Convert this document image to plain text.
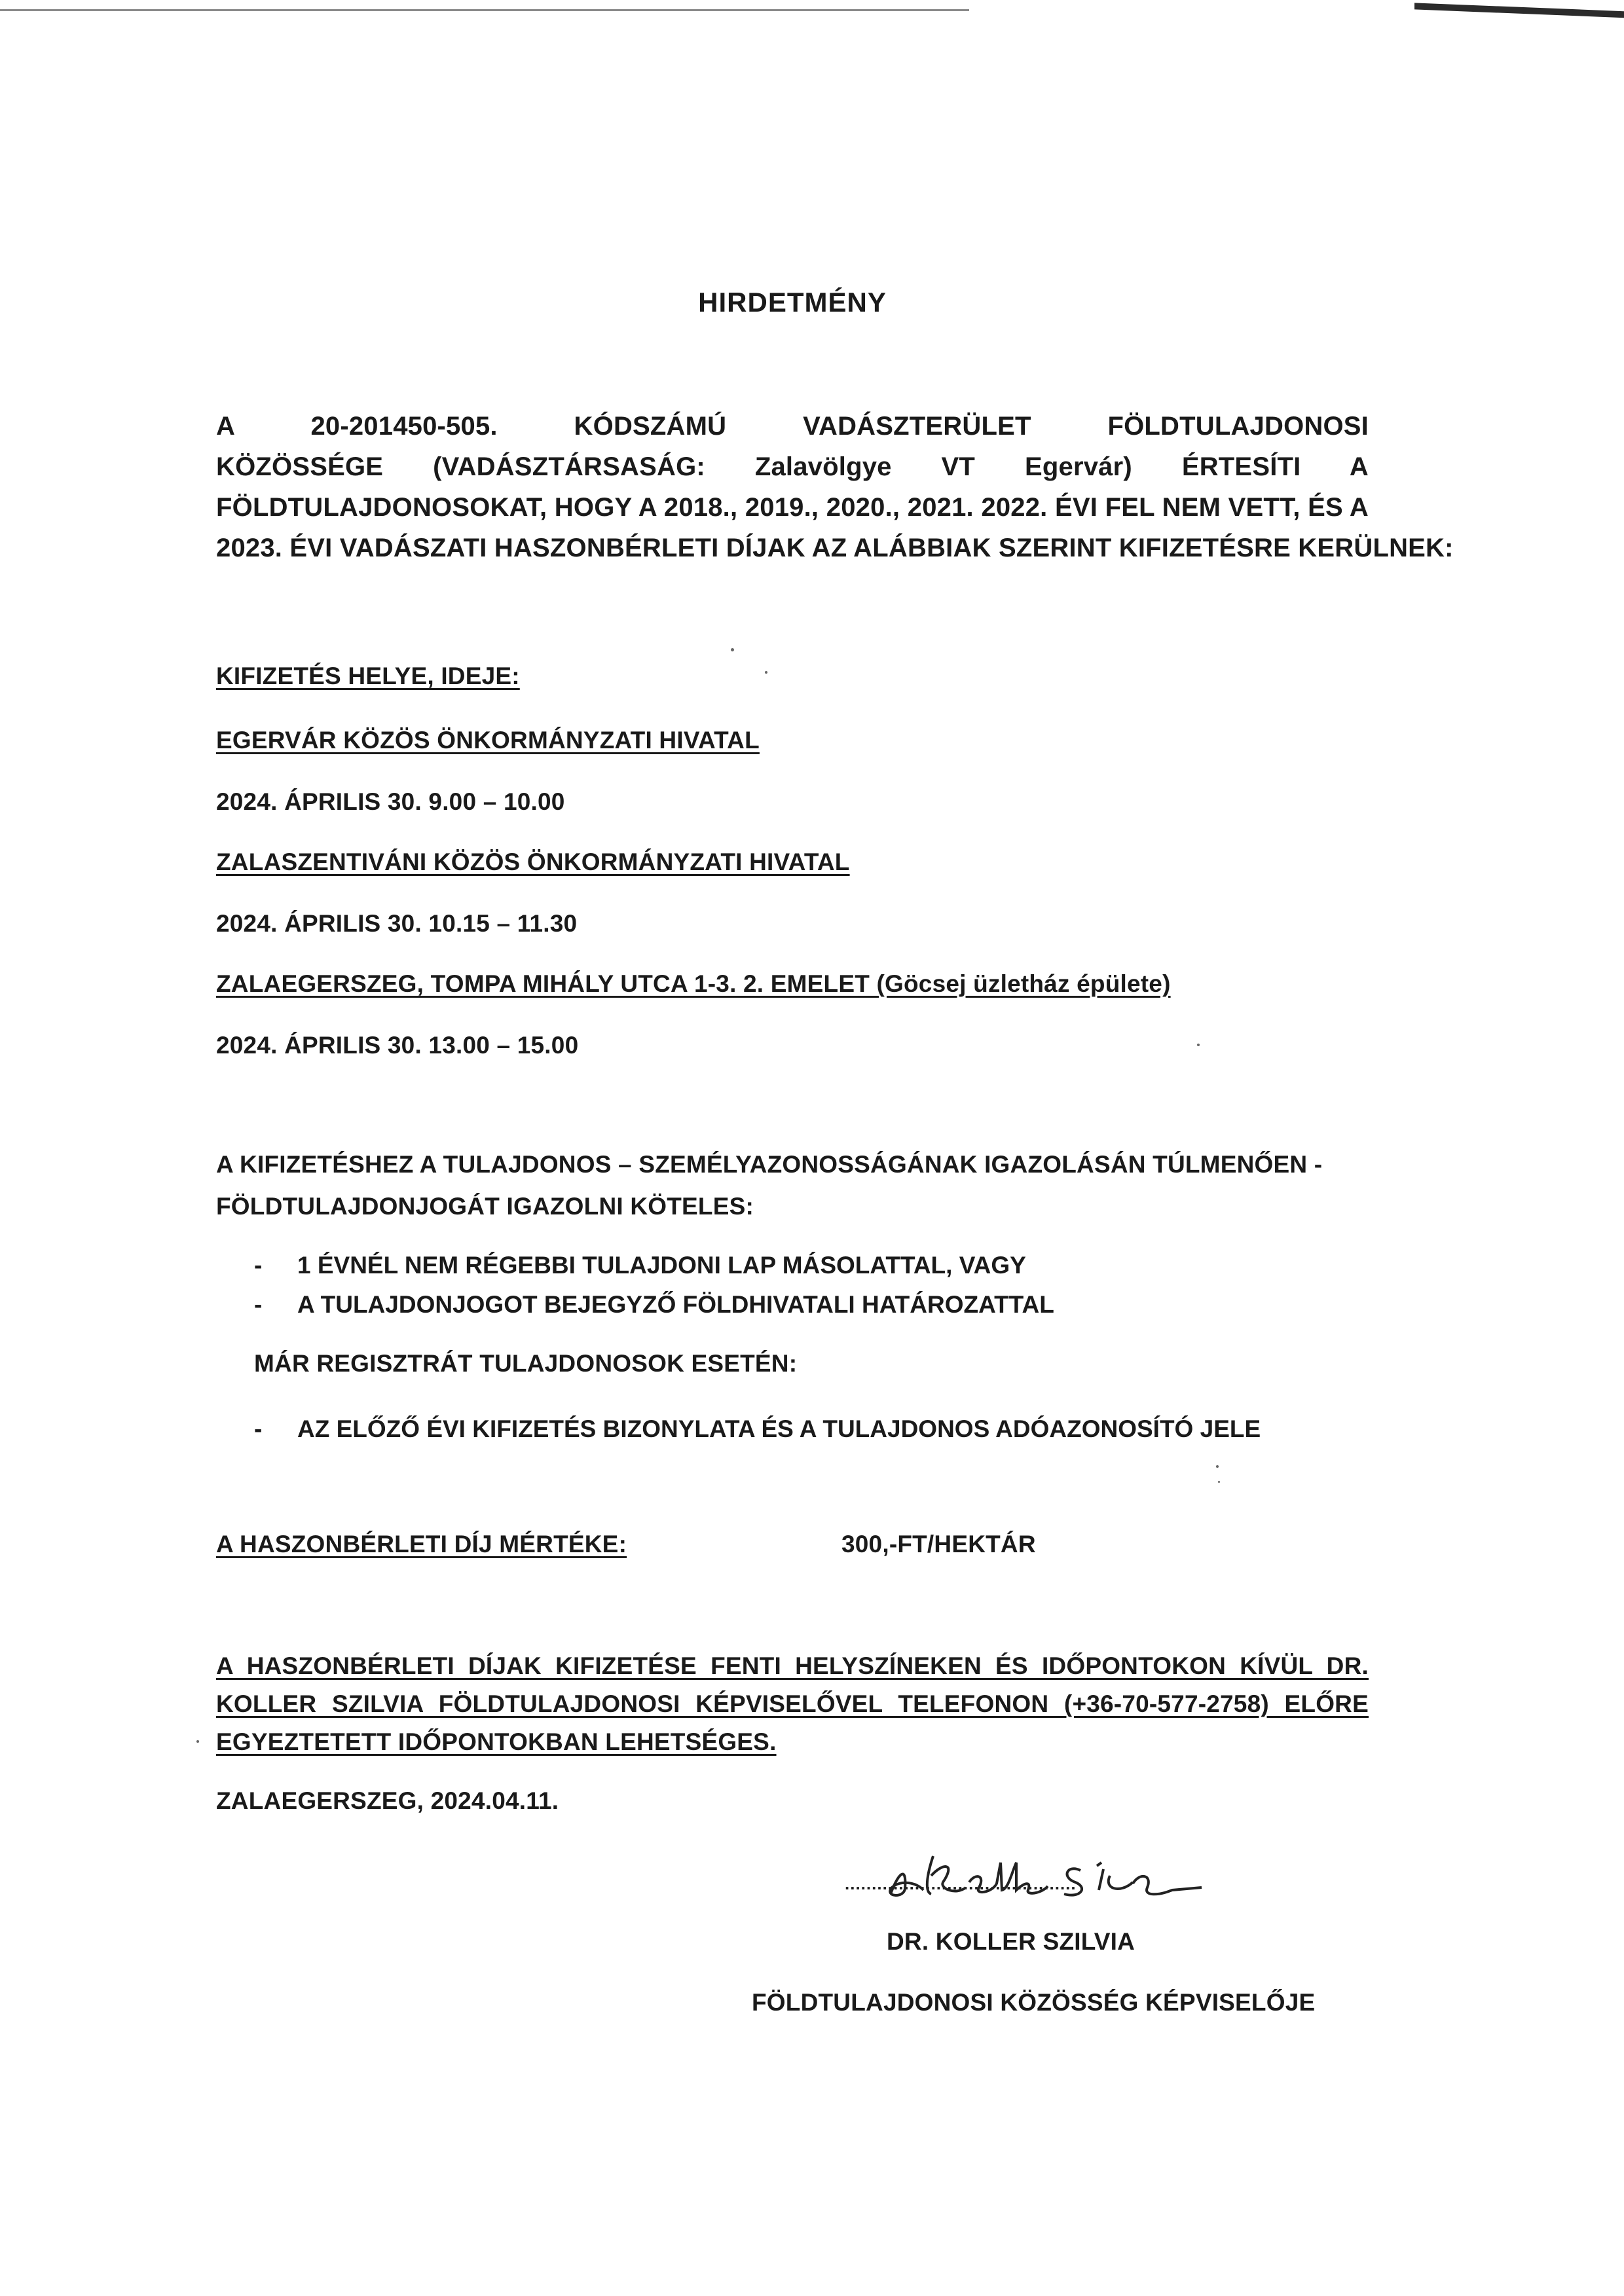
HIRDETMÉNY
A 20-201450-505. KÓDSZÁMÚ VADÁSZTERÜLET FÖLDTULAJDONOSI
KÖZÖSSÉGE (VADÁSZTÁRSASÁG: Zalavölgye VT Egervár) ÉRTESÍTI A
FÖLDTULAJDONOSOKAT, HOGY A 2018., 2019., 2020., 2021. 2022. ÉVI FEL NEM VETT, ÉS A
2023. ÉVI VADÁSZATI HASZONBÉRLETI DÍJAK AZ ALÁBBIAK SZERINT KIFIZETÉSRE KERÜLNEK:
KIFIZETÉS HELYE, IDEJE:
EGERVÁR KÖZÖS ÖNKORMÁNYZATI HIVATAL
2024. ÁPRILIS 30. 9.00 – 10.00
ZALASZENTIVÁNI KÖZÖS ÖNKORMÁNYZATI HIVATAL
2024. ÁPRILIS 30. 10.15 – 11.30
ZALAEGERSZEG, TOMPA MIHÁLY UTCA 1-3. 2. EMELET (Göcsej üzletház épülete)
2024. ÁPRILIS 30. 13.00 – 15.00
A KIFIZETÉSHEZ A TULAJDONOS – SZEMÉLYAZONOSSÁGÁNAK IGAZOLÁSÁN TÚLMENŐEN -
FÖLDTULAJDONJOGÁT IGAZOLNI KÖTELES:
- 1 ÉVNÉL NEM RÉGEBBI TULAJDONI LAP MÁSOLATTAL, VAGY
- A TULAJDONJOGOT BEJEGYZŐ FÖLDHIVATALI HATÁROZATTAL
MÁR REGISZTRÁT TULAJDONOSOK ESETÉN:
- AZ ELŐZŐ ÉVI KIFIZETÉS BIZONYLATA ÉS A TULAJDONOS ADÓAZONOSÍTÓ JELE
A HASZONBÉRLETI DÍJ MÉRTÉKE:	300,-FT/HEKTÁR
A HASZONBÉRLETI DÍJAK KIFIZETÉSE FENTI HELYSZÍNEKEN ÉS IDŐPONTOKON KÍVÜL DR.
KOLLER SZILVIA FÖLDTULAJDONOSI KÉPVISELŐVEL TELEFONON (+36-70-577-2758) ELŐRE
EGYEZTETETT IDŐPONTOKBAN LEHETSÉGES.
ZALAEGERSZEG, 2024.04.11.
...........................................
DR. KOLLER SZILVIA
FÖLDTULAJDONOSI KÖZÖSSÉG KÉPVISELŐJE
